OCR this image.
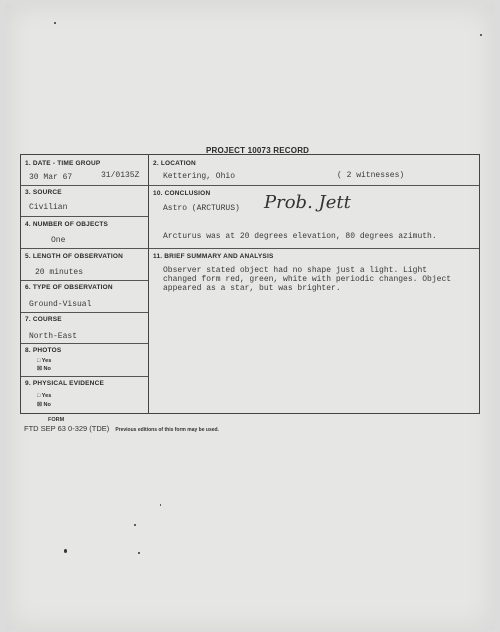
PROJECT 10073 RECORD
1. DATE - TIME GROUP
30 Mar 67	31/0135Z
3. SOURCE
Civilian
4. NUMBER OF OBJECTS
One
5. LENGTH OF OBSERVATION
20 minutes
6. TYPE OF OBSERVATION
Ground-Visual
7. COURSE
North-East
8. PHOTOS
□ Yes
☒ No
9. PHYSICAL EVIDENCE
□ Yes
☒ No
2. LOCATION
Kettering, Ohio	( 2 witnesses)
10. CONCLUSION
Astro (ARCTURUS)
Arcturus was at 20 degrees elevation, 80 degrees azimuth.
11. BRIEF SUMMARY AND ANALYSIS
Observer stated object had no shape just a light. Light
changed form red, green, white with periodic changes. Object
appeared as a star, but was brighter.
Prob. Jett
FORM
FTD SEP 63 0-329 (TDE) Previous editions of this form may be used.
